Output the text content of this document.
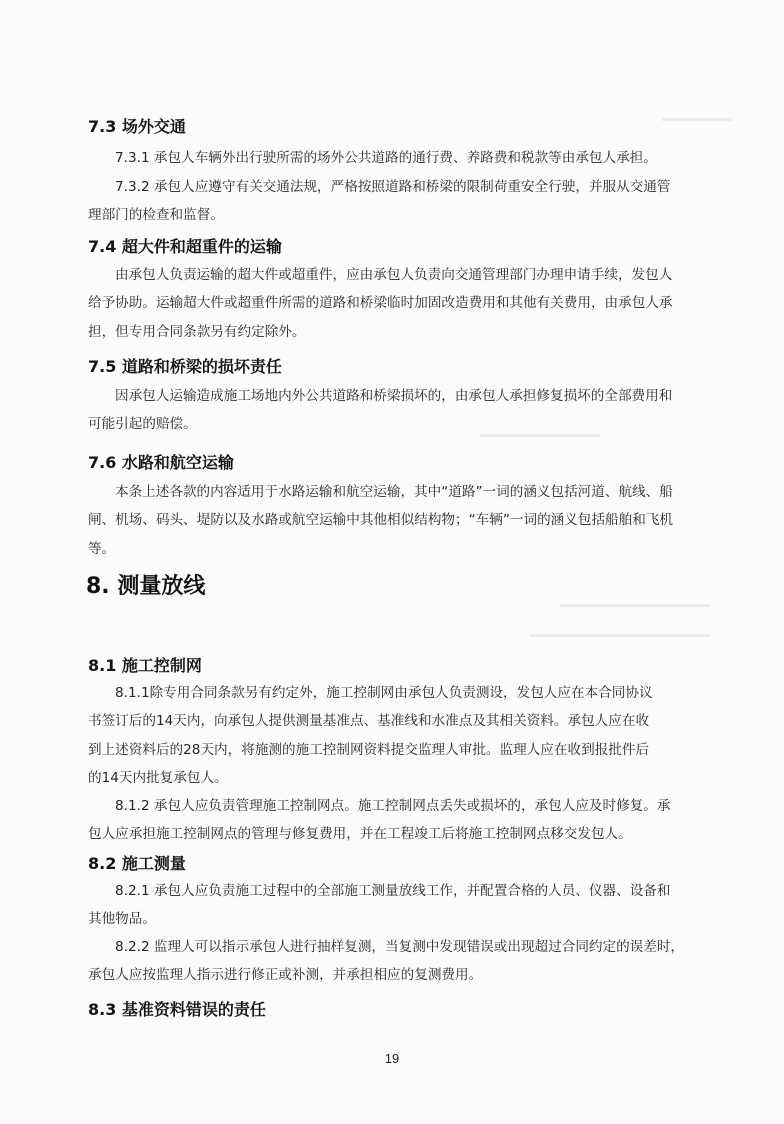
7.3 场外交通
7.3.1 承包人车辆外出行驶所需的场外公共道路的通行费、养路费和税款等由承包人承担。
7.3.2 承包人应遵守有关交通法规，严格按照道路和桥梁的限制荷重安全行驶，并服从交通管
理部门的检查和监督。
7.4 超大件和超重件的运输
由承包人负责运输的超大件或超重件，应由承包人负责向交通管理部门办理申请手续，发包人
给予协助。运输超大件或超重件所需的道路和桥梁临时加固改造费用和其他有关费用，由承包人承
担，但专用合同条款另有约定除外。
7.5 道路和桥梁的损坏责任
因承包人运输造成施工场地内外公共道路和桥梁损坏的，由承包人承担修复损坏的全部费用和
可能引起的赔偿。
7.6 水路和航空运输
本条上述各款的内容适用于水路运输和航空运输，其中“道路”一词的涵义包括河道、航线、船
闸、机场、码头、堤防以及水路或航空运输中其他相似结构物；“车辆”一词的涵义包括船舶和飞机
等。
8. 测量放线
8.1 施工控制网
8.1.1除专用合同条款另有约定外，施工控制网由承包人负责测设，发包人应在本合同协议
书签订后的14天内，向承包人提供测量基准点、基准线和水准点及其相关资料。承包人应在收
到上述资料后的28天内，将施测的施工控制网资料提交监理人审批。监理人应在收到报批件后
的14天内批复承包人。
8.1.2 承包人应负责管理施工控制网点。施工控制网点丢失或损坏的，承包人应及时修复。承
包人应承担施工控制网点的管理与修复费用，并在工程竣工后将施工控制网点移交发包人。
8.2 施工测量
8.2.1 承包人应负责施工过程中的全部施工测量放线工作，并配置合格的人员、仪器、设备和
其他物品。
8.2.2 监理人可以指示承包人进行抽样复测，当复测中发现错误或出现超过合同约定的误差时，
承包人应按监理人指示进行修正或补测，并承担相应的复测费用。
8.3 基准资料错误的责任
19
